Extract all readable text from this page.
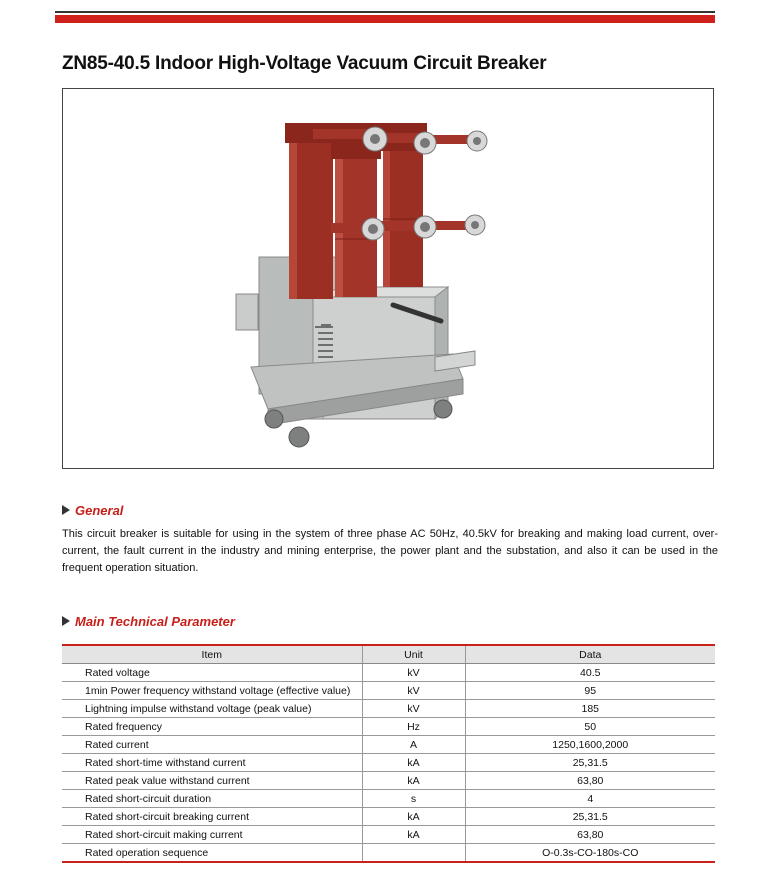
ZN85-40.5 Indoor High-Voltage Vacuum Circuit Breaker
General

This circuit breaker is suitable for using in the system of three phase AC 50Hz, 40.5kV for breaking and making load current, over-current, the fault current in the industry and mining enterprise, the power plant and the substation, and also it can be used in the frequent operation situation.

Main Technical Parameter
Item	Unit	Data
Rated voltage	kV	40.5
1min Power frequency withstand voltage (effective value)	kV	95
Lightning impulse withstand voltage (peak value)	kV	185
Rated frequency	Hz	50
Rated current	A	1250,1600,2000
Rated short-time withstand current	kA	25,31.5
Rated peak value withstand current	kA	63,80
Rated short-circuit duration	s	4
Rated short-circuit breaking current	kA	25,31.5
Rated short-circuit making current	kA	63,80
Rated operation sequence		O-0.3s-CO-180s-CO
